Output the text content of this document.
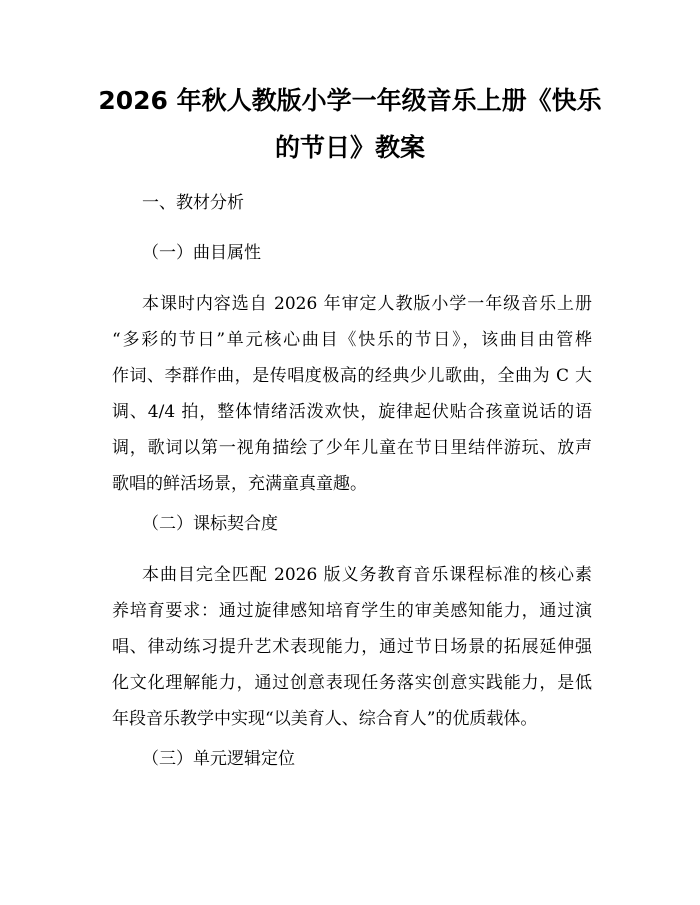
2026 年秋人教版小学一年级音乐上册《快乐
的节日》教案
一、教材分析
（一）曲目属性
本课时内容选自 2026 年审定人教版小学一年级音乐上册
“多彩的节日”单元核心曲目《快乐的节日》，该曲目由管桦
作词、李群作曲，是传唱度极高的经典少儿歌曲，全曲为 C 大
调、4/4 拍，整体情绪活泼欢快，旋律起伏贴合孩童说话的语
调，歌词以第一视角描绘了少年儿童在节日里结伴游玩、放声
歌唱的鲜活场景，充满童真童趣。
（二）课标契合度
本曲目完全匹配 2026 版义务教育音乐课程标准的核心素
养培育要求：通过旋律感知培育学生的审美感知能力，通过演
唱、律动练习提升艺术表现能力，通过节日场景的拓展延伸强
化文化理解能力，通过创意表现任务落实创意实践能力，是低
年段音乐教学中实现“以美育人、综合育人”的优质载体。
（三）单元逻辑定位
